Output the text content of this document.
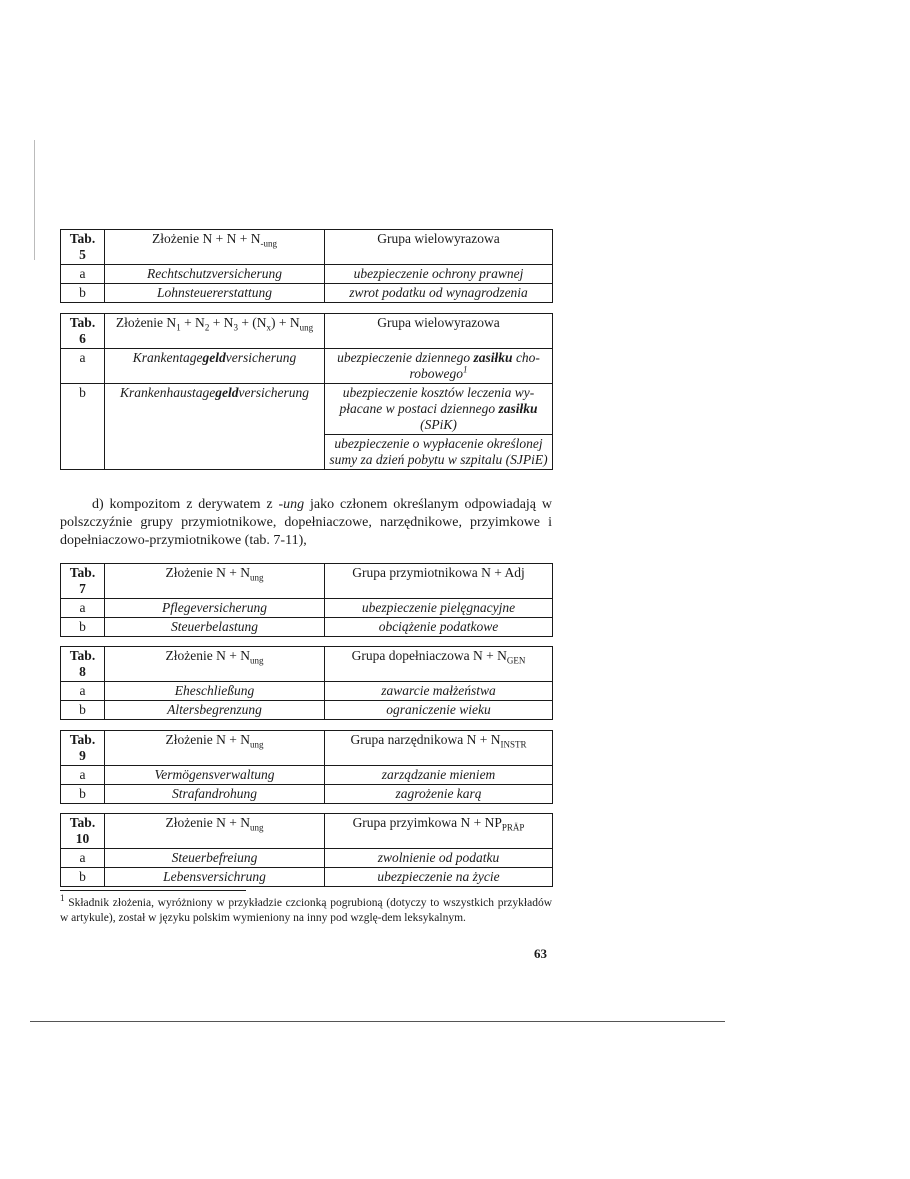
Tab. 5	Złożenie $N + N + N_{-ung}$	Grupa wielowyrazowa
a	Rechtschutzversicherung	ubezpieczenie ochrony prawnej
b	Lohnsteuererstattung	zwrot podatku od wynagrodzenia
Tab. 6	Złożenie $N_1 + N_2 + N_3 + (N_x) + N_{ung}$	Grupa wielowyrazowa
a	Krankentagegeldversicherung	ubezpieczenie dziennego zasiłku cho-robowego$^1$
b	Krankenhaustagegeldversicherung	ubezpieczenie kosztów leczenia wy-płacane w postaci dziennego zasiłku (SPiK)
		ubezpieczenie o wypłacenie określonej sumy za dzień pobytu w szpitalu (SJPiE)

d) kompozitom z derywatem z -ung jako członem określanym odpowiadają w polszczyźnie grupy przymiotnikowe, dopełniaczowe, narzędnikowe, przyimkowe i dopełniaczowo-przymiotnikowe (tab. 7-11),

Tab. 7	Złożenie $N + N_{ung}$	Grupa przymiotnikowa N + Adj
a	Pflegeversicherung	ubezpieczenie pielęgnacyjne
b	Steuerbelastung	obciążenie podatkowe
Tab. 8	Złożenie $N + N_{ung}$	Grupa dopełniaczowa $N + N_{GEN}$
a	Eheschließung	zawarcie małżeństwa
b	Altersbegrenzung	ograniczenie wieku
Tab. 9	Złożenie $N + N_{ung}$	Grupa narzędnikowa $N + N_{INSTR}$
a	Vermögensverwaltung	zarządzanie mieniem
b	Strafandrohung	zagrożenie karą
Tab. 10	Złożenie $N + N_{ung}$	Grupa przyimkowa $N + NP_{PRÄP}$
a	Steuerbefreiung	zwolnienie od podatku
b	Lebensversichrung	ubezpieczenie na życie
$^1$ Składnik złożenia, wyróżniony w przykładzie czcionką pogrubioną (dotyczy to wszystkich przykładów w artykule), został w języku polskim wymieniony na inny pod wzglę-dem leksykalnym.
63
